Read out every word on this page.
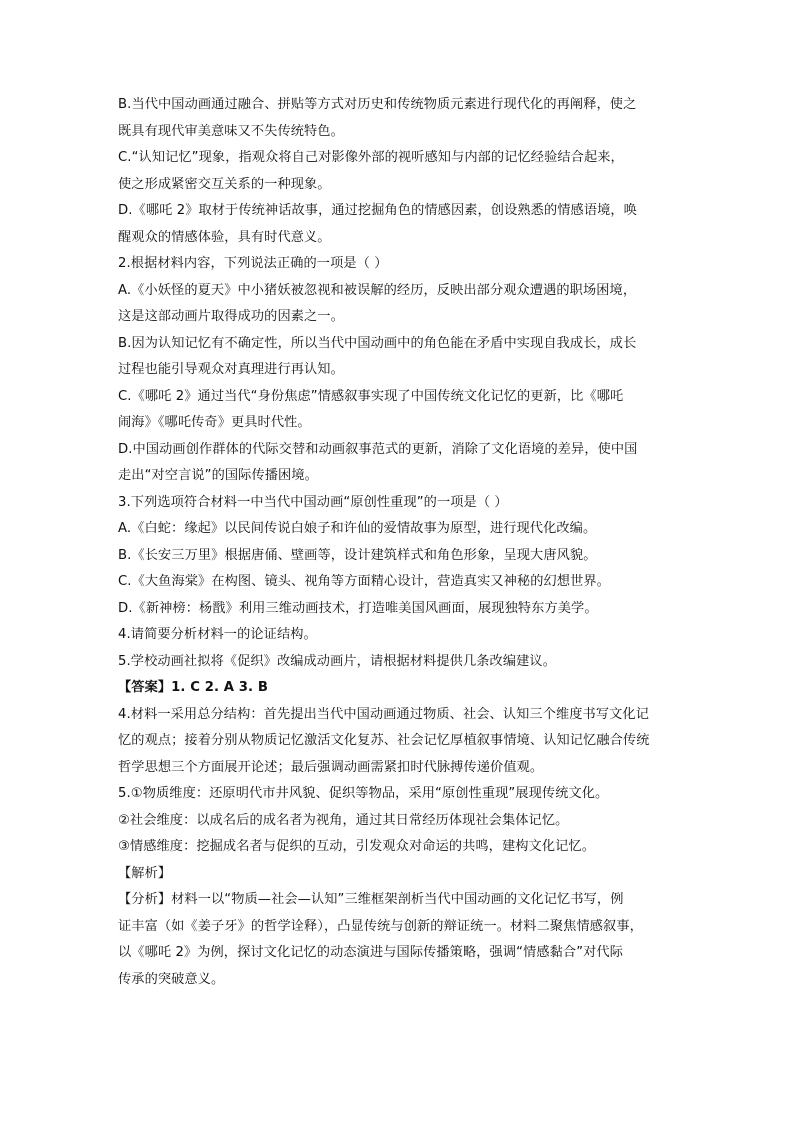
B.当代中国动画通过融合、拼贴等方式对历史和传统物质元素进行现代化的再阐释，使之
既具有现代审美意味又不失传统特色。
C.“认知记忆”现象，指观众将自己对影像外部的视听感知与内部的记忆经验结合起来，
使之形成紧密交互关系的一种现象。
D.《哪吒 2》取材于传统神话故事，通过挖掘角色的情感因素，创设熟悉的情感语境，唤
醒观众的情感体验，具有时代意义。
2.根据材料内容，下列说法正确的一项是（ ）
A.《小妖怪的夏天》中小猪妖被忽视和被误解的经历，反映出部分观众遭遇的职场困境，
这是这部动画片取得成功的因素之一。
B.因为认知记忆有不确定性，所以当代中国动画中的角色能在矛盾中实现自我成长，成长
过程也能引导观众对真理进行再认知。
C.《哪吒 2》通过当代“身份焦虑”情感叙事实现了中国传统文化记忆的更新，比《哪吒
闹海》《哪吒传奇》更具时代性。
D.中国动画创作群体的代际交替和动画叙事范式的更新，消除了文化语境的差异，使中国
走出“对空言说”的国际传播困境。
3.下列选项符合材料一中当代中国动画“原创性重现”的一项是（ ）
A.《白蛇：缘起》以民间传说白娘子和许仙的爱情故事为原型，进行现代化改编。
B.《长安三万里》根据唐俑、壁画等，设计建筑样式和角色形象，呈现大唐风貌。
C.《大鱼海棠》在构图、镜头、视角等方面精心设计，营造真实又神秘的幻想世界。
D.《新神榜：杨戬》利用三维动画技术，打造唯美国风画面，展现独特东方美学。
4.请简要分析材料一的论证结构。
5.学校动画社拟将《促织》改编成动画片，请根据材料提供几条改编建议。
【答案】1. C 2. A 3. B
4.材料一采用总分结构：首先提出当代中国动画通过物质、社会、认知三个维度书写文化记
忆的观点；接着分别从物质记忆激活文化复苏、社会记忆厚植叙事情境、认知记忆融合传统
哲学思想三个方面展开论述；最后强调动画需紧扣时代脉搏传递价值观。
5.①物质维度：还原明代市井风貌、促织等物品，采用“原创性重现”展现传统文化。
②社会维度：以成名后的成名者为视角，通过其日常经历体现社会集体记忆。
③情感维度：挖掘成名者与促织的互动，引发观众对命运的共鸣，建构文化记忆。
【解析】
【分析】材料一以“物质—社会—认知”三维框架剖析当代中国动画的文化记忆书写，例
证丰富（如《姜子牙》的哲学诠释），凸显传统与创新的辩证统一。材料二聚焦情感叙事，
以《哪吒 2》为例，探讨文化记忆的动态演进与国际传播策略，强调“情感黏合”对代际
传承的突破意义。
